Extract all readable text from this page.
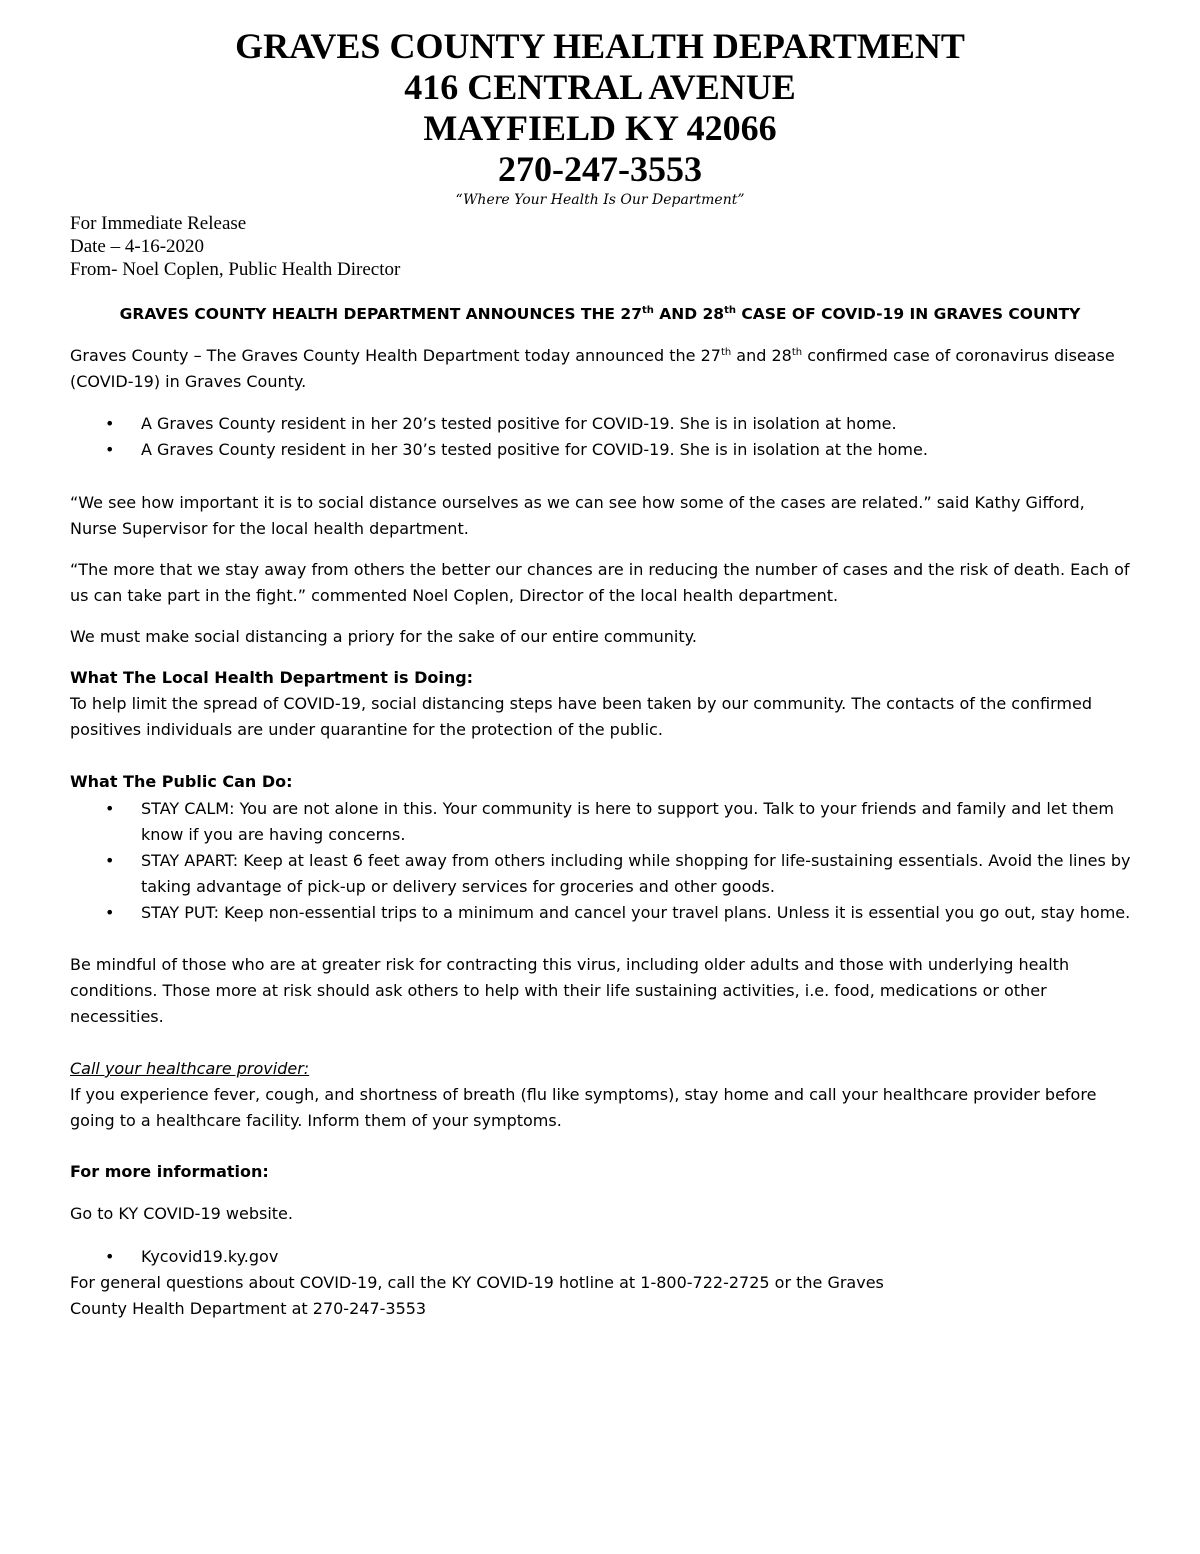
GRAVES COUNTY HEALTH DEPARTMENT
416 CENTRAL AVENUE
MAYFIELD KY 42066
270-247-3553
“Where Your Health Is Our Department”
For Immediate Release
Date – 4-16-2020
From- Noel Coplen, Public Health Director
GRAVES COUNTY HEALTH DEPARTMENT ANNOUNCES THE 27th AND 28th CASE OF COVID-19 IN GRAVES COUNTY
Graves County – The Graves County Health Department today announced the 27th and 28th confirmed case of coronavirus disease (COVID-19) in Graves County.
• A Graves County resident in her 20’s tested positive for COVID-19. She is in isolation at home.
• A Graves County resident in her 30’s tested positive for COVID-19. She is in isolation at the home.
“We see how important it is to social distance ourselves as we can see how some of the cases are related.” said Kathy Gifford, Nurse Supervisor for the local health department.
“The more that we stay away from others the better our chances are in reducing the number of cases and the risk of death. Each of us can take part in the fight.” commented Noel Coplen, Director of the local health department.
We must make social distancing a priory for the sake of our entire community.
What The Local Health Department is Doing:
To help limit the spread of COVID-19, social distancing steps have been taken by our community. The contacts of the confirmed positives individuals are under quarantine for the protection of the public.
What The Public Can Do:
• STAY CALM: You are not alone in this. Your community is here to support you. Talk to your friends and family and let them know if you are having concerns.
• STAY APART: Keep at least 6 feet away from others including while shopping for life-sustaining essentials. Avoid the lines by taking advantage of pick-up or delivery services for groceries and other goods.
• STAY PUT: Keep non-essential trips to a minimum and cancel your travel plans. Unless it is essential you go out, stay home.
Be mindful of those who are at greater risk for contracting this virus, including older adults and those with underlying health conditions. Those more at risk should ask others to help with their life sustaining activities, i.e. food, medications or other necessities.
Call your healthcare provider:
If you experience fever, cough, and shortness of breath (flu like symptoms), stay home and call your healthcare provider before going to a healthcare facility. Inform them of your symptoms.
For more information:
Go to KY COVID-19 website.
• Kycovid19.ky.gov
For general questions about COVID-19, call the KY COVID-19 hotline at 1-800-722-2725 or the Graves
County Health Department at 270-247-3553
